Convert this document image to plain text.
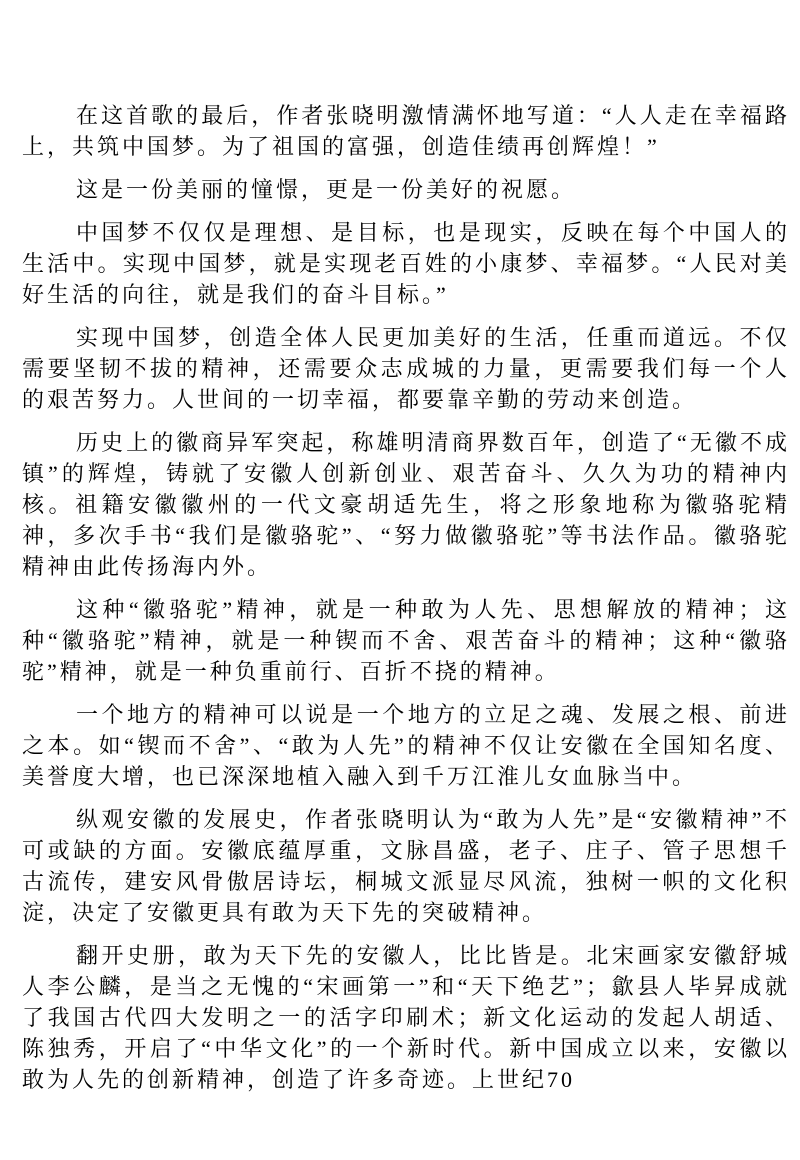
在这首歌的最后，作者张晓明激情满怀地写道：“人人走在幸福路上，共筑中国梦。为了祖国的富强，创造佳绩再创辉煌！”

这是一份美丽的憧憬，更是一份美好的祝愿。

中国梦不仅仅是理想、是目标，也是现实，反映在每个中国人的生活中。实现中国梦，就是实现老百姓的小康梦、幸福梦。“人民对美好生活的向往，就是我们的奋斗目标。”

实现中国梦，创造全体人民更加美好的生活，任重而道远。不仅需要坚韧不拔的精神，还需要众志成城的力量，更需要我们每一个人的艰苦努力。人世间的一切幸福，都要靠辛勤的劳动来创造。

历史上的徽商异军突起，称雄明清商界数百年，创造了“无徽不成镇”的辉煌，铸就了安徽人创新创业、艰苦奋斗、久久为功的精神内核。祖籍安徽徽州的一代文豪胡适先生，将之形象地称为徽骆驼精神，多次手书“我们是徽骆驼”、“努力做徽骆驼”等书法作品。徽骆驼精神由此传扬海内外。

这种“徽骆驼”精神，就是一种敢为人先、思想解放的精神；这种“徽骆驼”精神，就是一种锲而不舍、艰苦奋斗的精神；这种“徽骆驼”精神，就是一种负重前行、百折不挠的精神。

一个地方的精神可以说是一个地方的立足之魂、发展之根、前进之本。如“锲而不舍”、“敢为人先”的精神不仅让安徽在全国知名度、美誉度大增，也已深深地植入融入到千万江淮儿女血脉当中。

纵观安徽的发展史，作者张晓明认为“敢为人先”是“安徽精神”不可或缺的方面。安徽底蕴厚重，文脉昌盛，老子、庄子、管子思想千古流传，建安风骨傲居诗坛，桐城文派显尽风流，独树一帜的文化积淀，决定了安徽更具有敢为天下先的突破精神。

翻开史册，敢为天下先的安徽人，比比皆是。北宋画家安徽舒城人李公麟，是当之无愧的“宋画第一”和“天下绝艺”；歙县人毕昇成就了我国古代四大发明之一的活字印刷术；新文化运动的发起人胡适、陈独秀，开启了“中华文化”的一个新时代。新中国成立以来，安徽以敢为人先的创新精神，创造了许多奇迹。上世纪70
